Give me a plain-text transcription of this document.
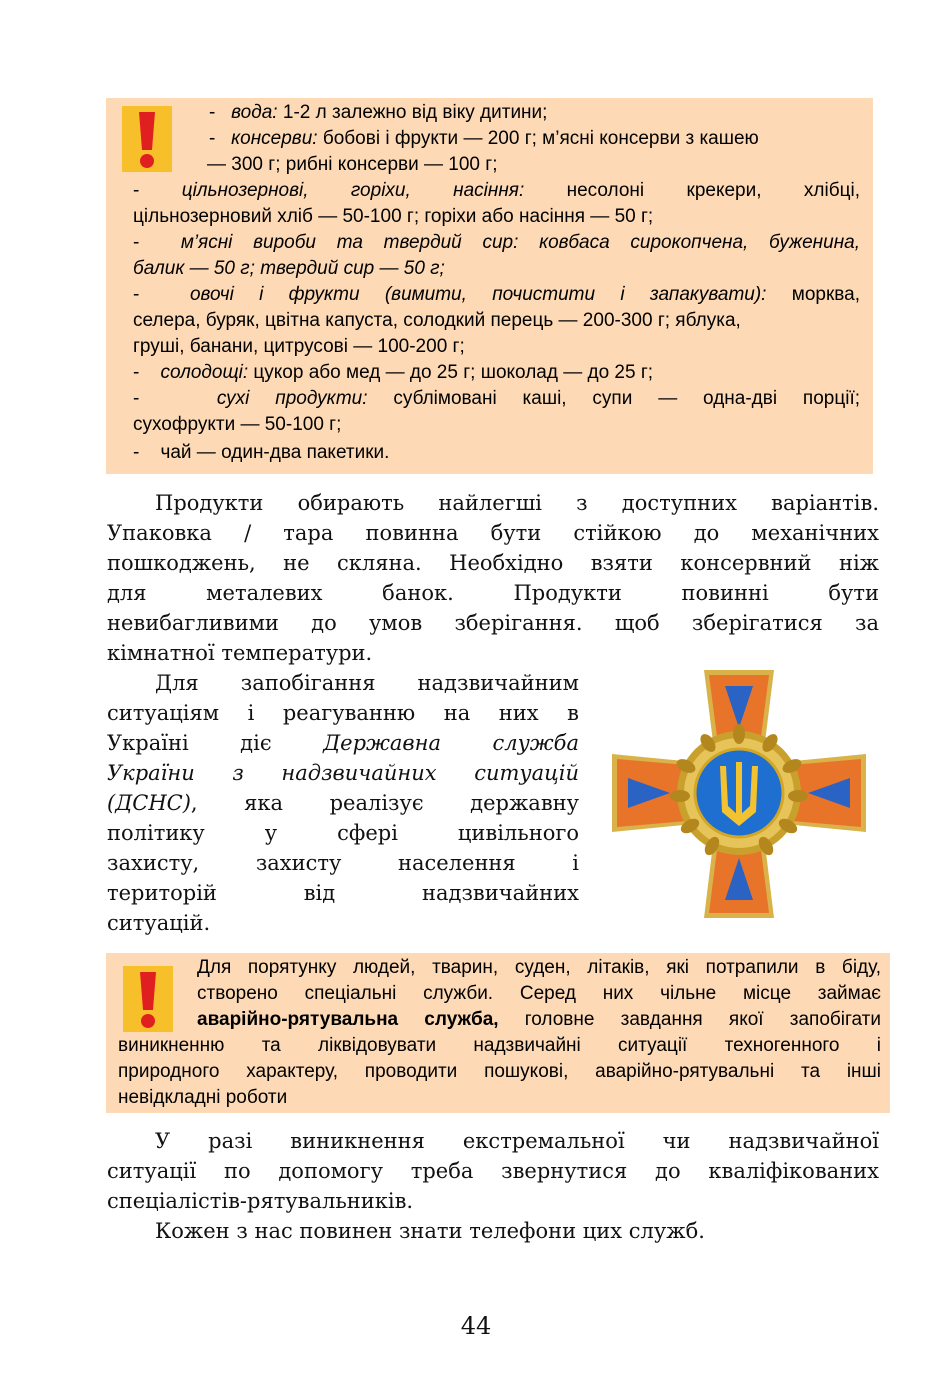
-   вода: 1-2 л залежно від віку дитини;
-   консерви: бобові і фрукти — 200 г; м’ясні консерви з кашею
— 300 г; рибні консерви — 100 г;
- цільнозернові, горіхи, насіння: несолоні крекери, хлібці,
цільнозерновий хліб — 50-100 г; горіхи або насіння — 50 г;
-  м’ясні вироби та твердий сир: ковбаса сирокопчена, буженина,
балик — 50 г; твердий сир — 50 г;
-  овочі і фрукти (вимити, почистити і запакувати): морква,
селера, буряк, цвітна капуста, солодкий перець — 200-300 г; яблука,
груші, банани, цитрусові — 100-200 г;
-    солодощі: цукор або мед — до 25 г; шоколад — до 25 г;
-   сухі продукти: сублімовані каші, супи — одна-дві порції;
сухофрукти — 50-100 г;
-    чай — один-два пакетики.
Продукти обирають найлегші з доступних варіантів.
Упаковка / тара повинна бути стійкою до механічних
пошкоджень, не скляна. Необхідно взяти консервний ніж
для металевих банок. Продукти повинні бути
невибагливими до умов зберігання. щоб зберігатися за
кімнатної температури.
Для запобігання надзвичайним
ситуаціям і реагуванню на них в
Україні діє Державна служба
України з надзвичайних ситуацій
(ДСНС), яка реалізує державну
політику у сфері цивільного
захисту, захисту населення і
територій від надзвичайних
ситуацій.
Для порятунку людей, тварин, суден, літаків, які потрапили в біду,
створено спеціальні служби. Серед них чільне місце займає
аварійно-рятувальна служба, головне завдання якої запобігати
виникненню та ліквідовувати надзвичайні ситуації техногенного і
природного характеру, проводити пошукові, аварійно-рятувальні та інші
невідкладні роботи
У разі виникнення екстремальної чи надзвичайної
ситуації по допомогу треба звернутися до кваліфікованих
спеціалістів-рятувальників.
Кожен з нас повинен знати телефони цих служб.
44
